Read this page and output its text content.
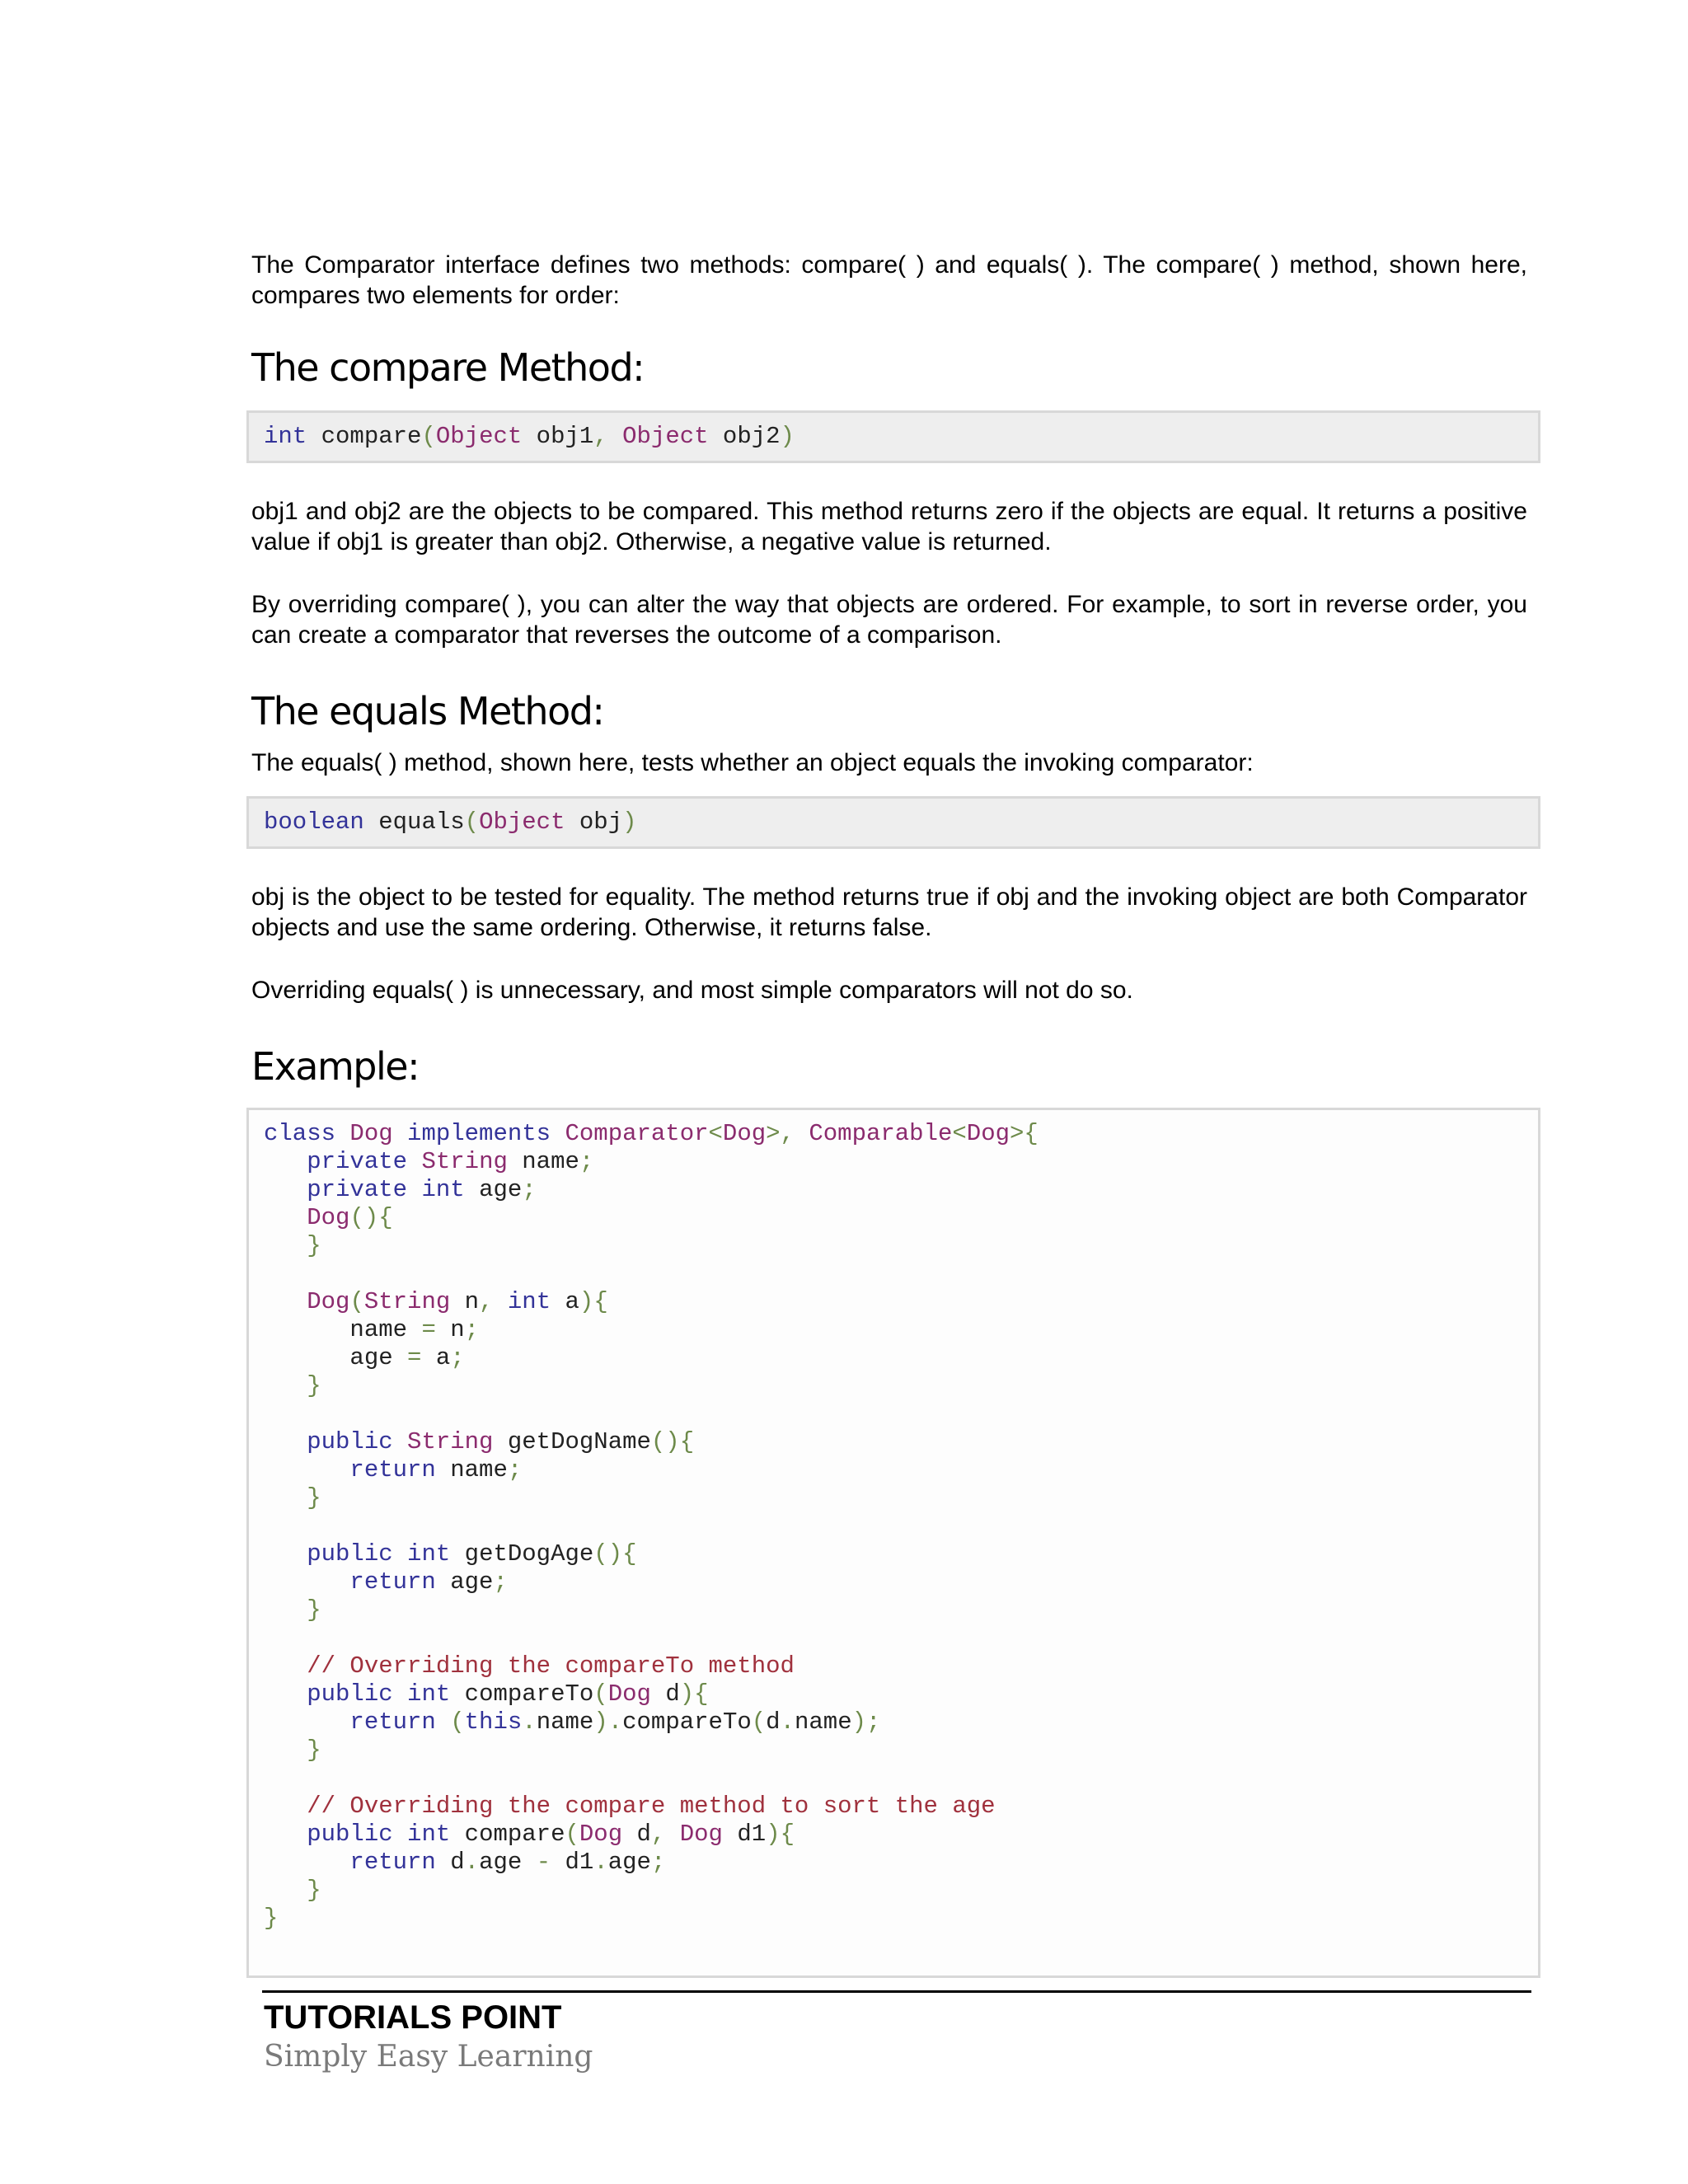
The Comparator interface defines two methods: compare( ) and equals( ). The compare( ) method, shown here, compares two elements for order:

The compare Method:
int compare(Object obj1, Object obj2)

obj1 and obj2 are the objects to be compared. This method returns zero if the objects are equal. It returns a positive value if obj1 is greater than obj2. Otherwise, a negative value is returned.

By overriding compare( ), you can alter the way that objects are ordered. For example, to sort in reverse order, you can create a comparator that reverses the outcome of a comparison.

The equals Method:

The equals( ) method, shown here, tests whether an object equals the invoking comparator:

boolean equals(Object obj)

obj is the object to be tested for equality. The method returns true if obj and the invoking object are both Comparator objects and use the same ordering. Otherwise, it returns false.

Overriding equals( ) is unnecessary, and most simple comparators will not do so.

Example:
class Dog implements Comparator<Dog>, Comparable<Dog>{
private String name;
private int age;
Dog(){
}
Dog(String n, int a){
name = n;
age = a;
}
public String getDogName(){
return name;
}
public int getDogAge(){
return age;
}
// Overriding the compareTo method
public int compareTo(Dog d){
return (this.name).compareTo(d.name);
}
// Overriding the compare method to sort the age
public int compare(Dog d, Dog d1){
return d.age - d1.age;
}
}
TUTORIALS POINT
Simply Easy Learning
